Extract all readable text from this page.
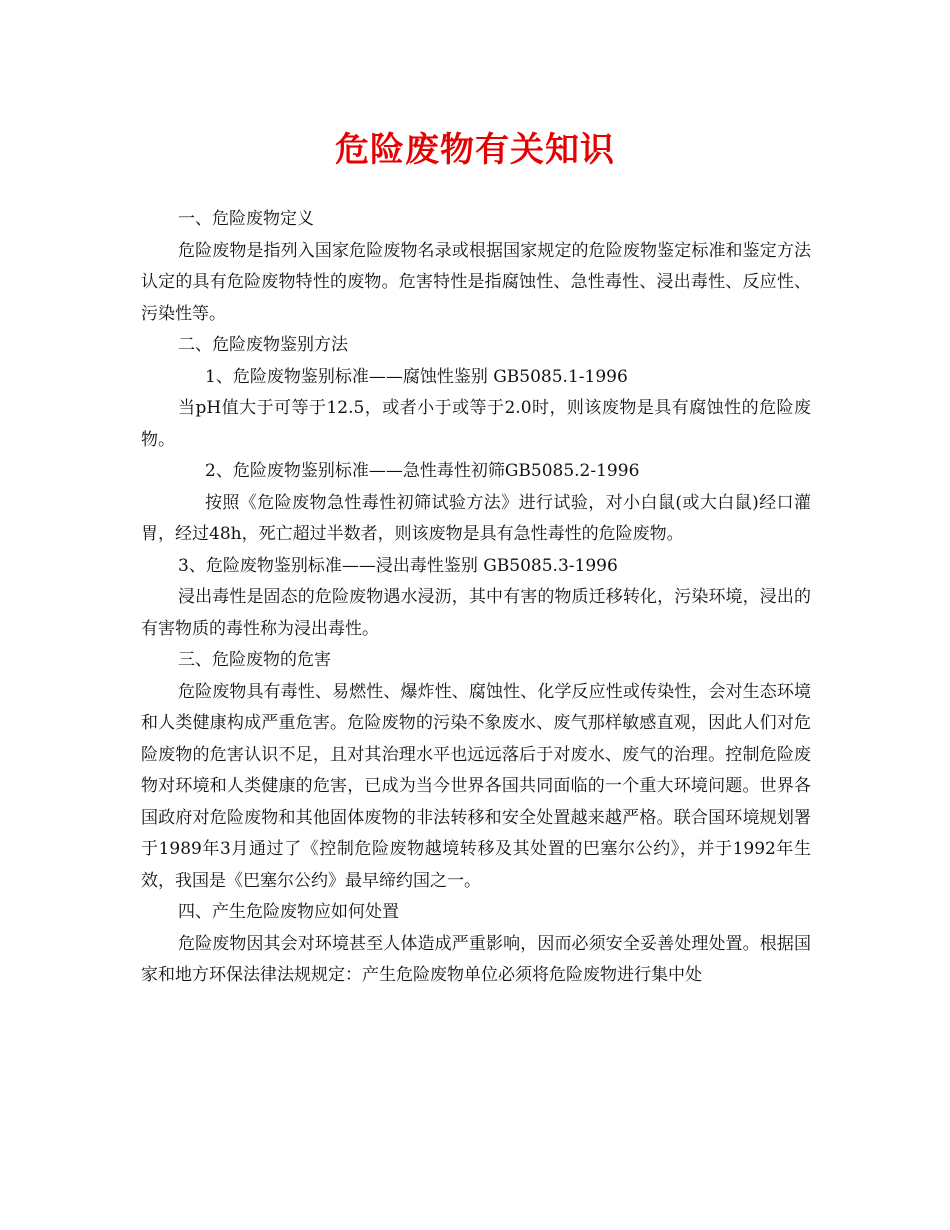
危险废物有关知识

一、危险废物定义

危险废物是指列入国家危险废物名录或根据国家规定的危险废物鉴定标准和鉴定方法认定的具有危险废物特性的废物。危害特性是指腐蚀性、急性毒性、浸出毒性、反应性、污染性等。

二、危险废物鉴别方法

1、危险废物鉴别标准——腐蚀性鉴别 GB5085.1-1996

当pH值大于可等于12.5，或者小于或等于2.0时，则该废物是具有腐蚀性的危险废物。

2、危险废物鉴别标准——急性毒性初筛GB5085.2-1996

按照《危险废物急性毒性初筛试验方法》进行试验，对小白鼠(或大白鼠)经口灌胃，经过48h，死亡超过半数者，则该废物是具有急性毒性的危险废物。

3、危险废物鉴别标准——浸出毒性鉴别 GB5085.3-1996

浸出毒性是固态的危险废物遇水浸沥，其中有害的物质迁移转化，污染环境，浸出的有害物质的毒性称为浸出毒性。

三、危险废物的危害

危险废物具有毒性、易燃性、爆炸性、腐蚀性、化学反应性或传染性，会对生态环境和人类健康构成严重危害。危险废物的污染不象废水、废气那样敏感直观，因此人们对危险废物的危害认识不足，且对其治理水平也远远落后于对废水、废气的治理。控制危险废物对环境和人类健康的危害，已成为当今世界各国共同面临的一个重大环境问题。世界各国政府对危险废物和其他固体废物的非法转移和安全处置越来越严格。联合国环境规划署于1989年3月通过了《控制危险废物越境转移及其处置的巴塞尔公约》，并于1992年生效，我国是《巴塞尔公约》最早缔约国之一。

四、产生危险废物应如何处置

危险废物因其会对环境甚至人体造成严重影响，因而必须安全妥善处理处置。根据国家和地方环保法律法规规定：产生危险废物单位必须将危险废物进行集中处
